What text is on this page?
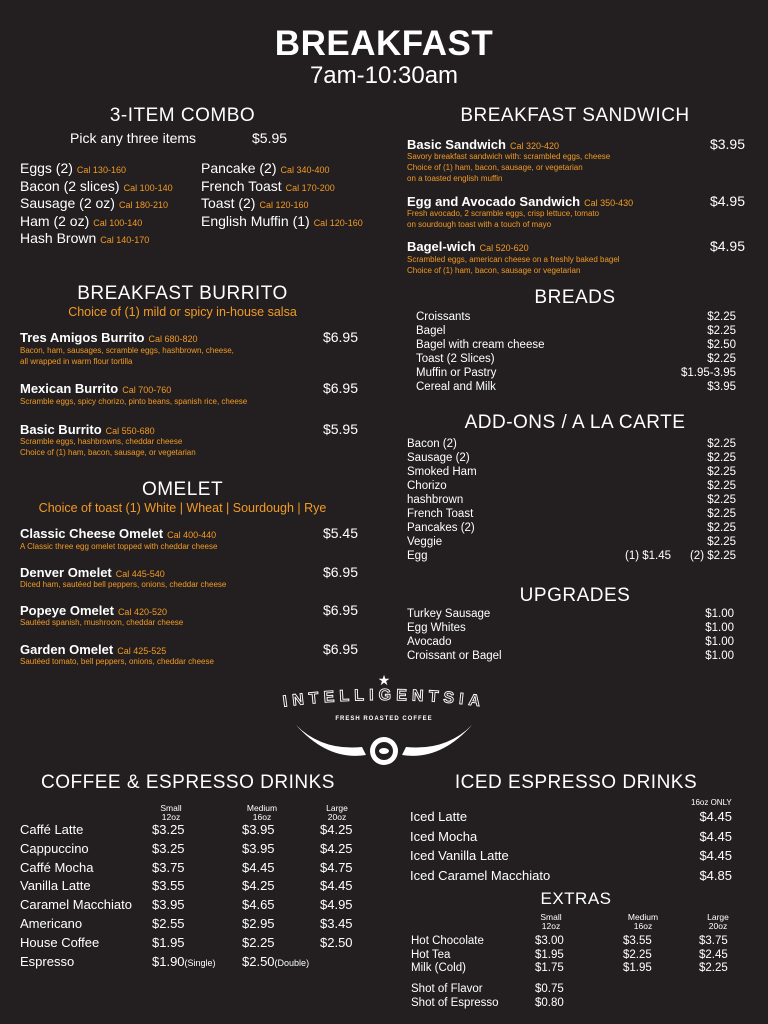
BREAKFAST
7am-10:30am
3-ITEM COMBO
Pick any three items	$5.95
Eggs (2) Cal 130-160
Bacon (2 slices) Cal 100-140
Sausage (2 oz) Cal 180-210
Ham (2 oz) Cal 100-140
Hash Brown Cal 140-170
Pancake (2) Cal 340-400
French Toast Cal 170-200
Toast (2) Cal 120-160
English Muffin (1) Cal 120-160
BREAKFAST BURRITO
Choice of (1) mild or spicy in-house salsa
Tres Amigos Burrito Cal 680-820	$6.95
Bacon, ham, sausages, scramble eggs, hashbrown, cheese,
all wrapped in warm flour tortilla
Mexican Burrito Cal 700-760	$6.95
Scramble eggs, spicy chorizo, pinto beans, spanish rice, cheese
Basic Burrito Cal 550-680	$5.95
Scramble eggs, hashbrowns, cheddar cheese
Choice of (1) ham, bacon, sausage, or vegetarian
OMELET
Choice of toast (1) White | Wheat | Sourdough | Rye
Classic Cheese Omelet Cal 400-440	$5.45
A Classic three egg omelet topped with cheddar cheese
Denver Omelet Cal 445-540	$6.95
Diced ham, sautéed bell peppers, onions, cheddar cheese
Popeye Omelet Cal 420-520	$6.95
Sautéed spanish, mushroom, cheddar cheese
Garden Omelet Cal 425-525	$6.95
Sautéed tomato, bell peppers, onions, cheddar cheese
BREAKFAST SANDWICH
Basic Sandwich Cal 320-420	$3.95
Savory breakfast sandwich with: scrambled eggs, cheese
Choice of (1) ham, bacon, sausage, or vegetarian
on a toasted english muffin
Egg and Avocado Sandwich Cal 350-430	$4.95
Fresh avocado, 2 scramble eggs, crisp lettuce, tomato
on sourdough toast with a touch of mayo
Bagel-wich Cal 520-620	$4.95
Scrambled eggs, american cheese on a freshly baked bagel
Choice of (1) ham, bacon, sausage or vegetarian
BREADS
Croissants	$2.25
Bagel	$2.25
Bagel with cream cheese	$2.50
Toast (2 Slices)	$2.25
Muffin or Pastry	$1.95-3.95
Cereal and Milk	$3.95
ADD-ONS / A LA CARTE
Bacon (2)	$2.25
Sausage (2)	$2.25
Smoked Ham	$2.25
Chorizo	$2.25
hashbrown	$2.25
French Toast	$2.25
Pancakes (2)	$2.25
Veggie	$2.25
Egg	(1) $1.45 (2) $2.25
UPGRADES
Turkey Sausage	$1.00
Egg Whites	$1.00
Avocado	$1.00
Croissant or Bagel	$1.00
★
INTELLIGENTSIA
FRESH ROASTED COFFEE
COFFEE & ESPRESSO DRINKS
Small
12oz
Medium
16oz
Large
20oz
Caffé Latte	$3.25	$3.95	$4.25
Cappuccino	$3.25	$3.95	$4.25
Caffé Mocha	$3.75	$4.45	$4.75
Vanilla Latte	$3.55	$4.25	$4.45
Caramel Macchiato $3.95	$4.65	$4.95
Americano	$2.55	$2.95	$3.45
House Coffee	$1.95	$2.25	$2.50
Espresso	$1.90(Single) $2.50(Double)
ICED ESPRESSO DRINKS
16oz ONLY
Iced Latte	$4.45
Iced Mocha	$4.45
Iced Vanilla Latte	$4.45
Iced Caramel Macchiato	$4.85
EXTRAS
Small
12oz
Medium
16oz
Large
20oz
Hot Chocolate	$3.00	$3.55	$3.75
Hot Tea	$1.95	$2.25	$2.45
Milk (Cold)	$1.75	$1.95	$2.25
Shot of Flavor	$0.75
Shot of Espresso	$0.80
